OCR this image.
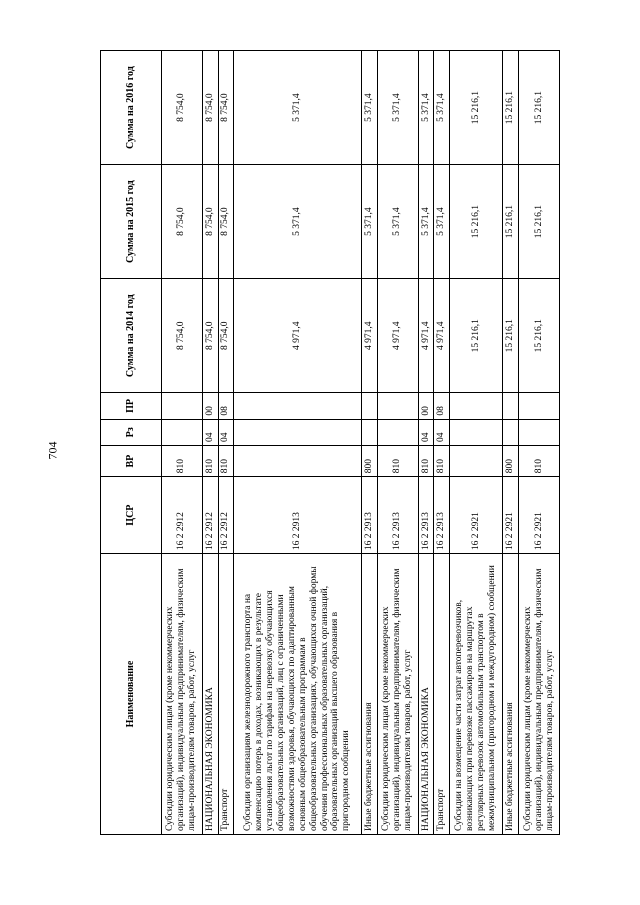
704
Наименование	ЦСР	ВР	Рз	ПР	Сумма на 2014 год	Сумма на 2015 год	Сумма на 2016 год
Субсидии юридическим лицам (кроме некоммерческих организаций), индивидуальным предпринимателям, физическим лицам-производителям товаров, работ, услуг	16 2 2912	810			8 754,0	8 754,0	8 754,0
НАЦИОНАЛЬНАЯ ЭКОНОМИКА	16 2 2912	810	04	00	8 754,0	8 754,0	8 754,0
Транспорт	16 2 2912	810	04	08	8 754,0	8 754,0	8 754,0
Субсидии организациям железнодорожного транспорта на компенсацию потерь в доходах, возникающих в результате установления льгот по тарифам на перевозку обучающихся общеобразовательных организаций, лиц с ограниченными возможностями здоровья, обучающихся по адаптированным основным общеобразовательным программам в общеобразовательных организациях, обучающихся очной формы обучения профессиональных образовательных организаций, образовательных организаций высшего образования в пригородном сообщении	16 2 2913				4 971,4	5 371,4	5 371,4
Иные бюджетные ассигнования	16 2 2913	800			4 971,4	5 371,4	5 371,4
Субсидии юридическим лицам (кроме некоммерческих организаций), индивидуальным предпринимателям, физическим лицам-производителям товаров, работ, услуг	16 2 2913	810			4 971,4	5 371,4	5 371,4
НАЦИОНАЛЬНАЯ ЭКОНОМИКА	16 2 2913	810	04	00	4 971,4	5 371,4	5 371,4
Транспорт	16 2 2913	810	04	08	4 971,4	5 371,4	5 371,4
Субсидии на возмещение части затрат автоперевозчиков, возникающих при перевозке пассажиров на маршрутах регулярных перевозок автомобильным транспортом в межмуниципальном (пригородном и междугородном) сообщении	16 2 2921				15 216,1	15 216,1	15 216,1
Иные бюджетные ассигнования	16 2 2921	800			15 216,1	15 216,1	15 216,1
Субсидии юридическим лицам (кроме некоммерческих организаций), индивидуальным предпринимателям, физическим лицам-производителям товаров, работ, услуг	16 2 2921	810			15 216,1	15 216,1	15 216,1
